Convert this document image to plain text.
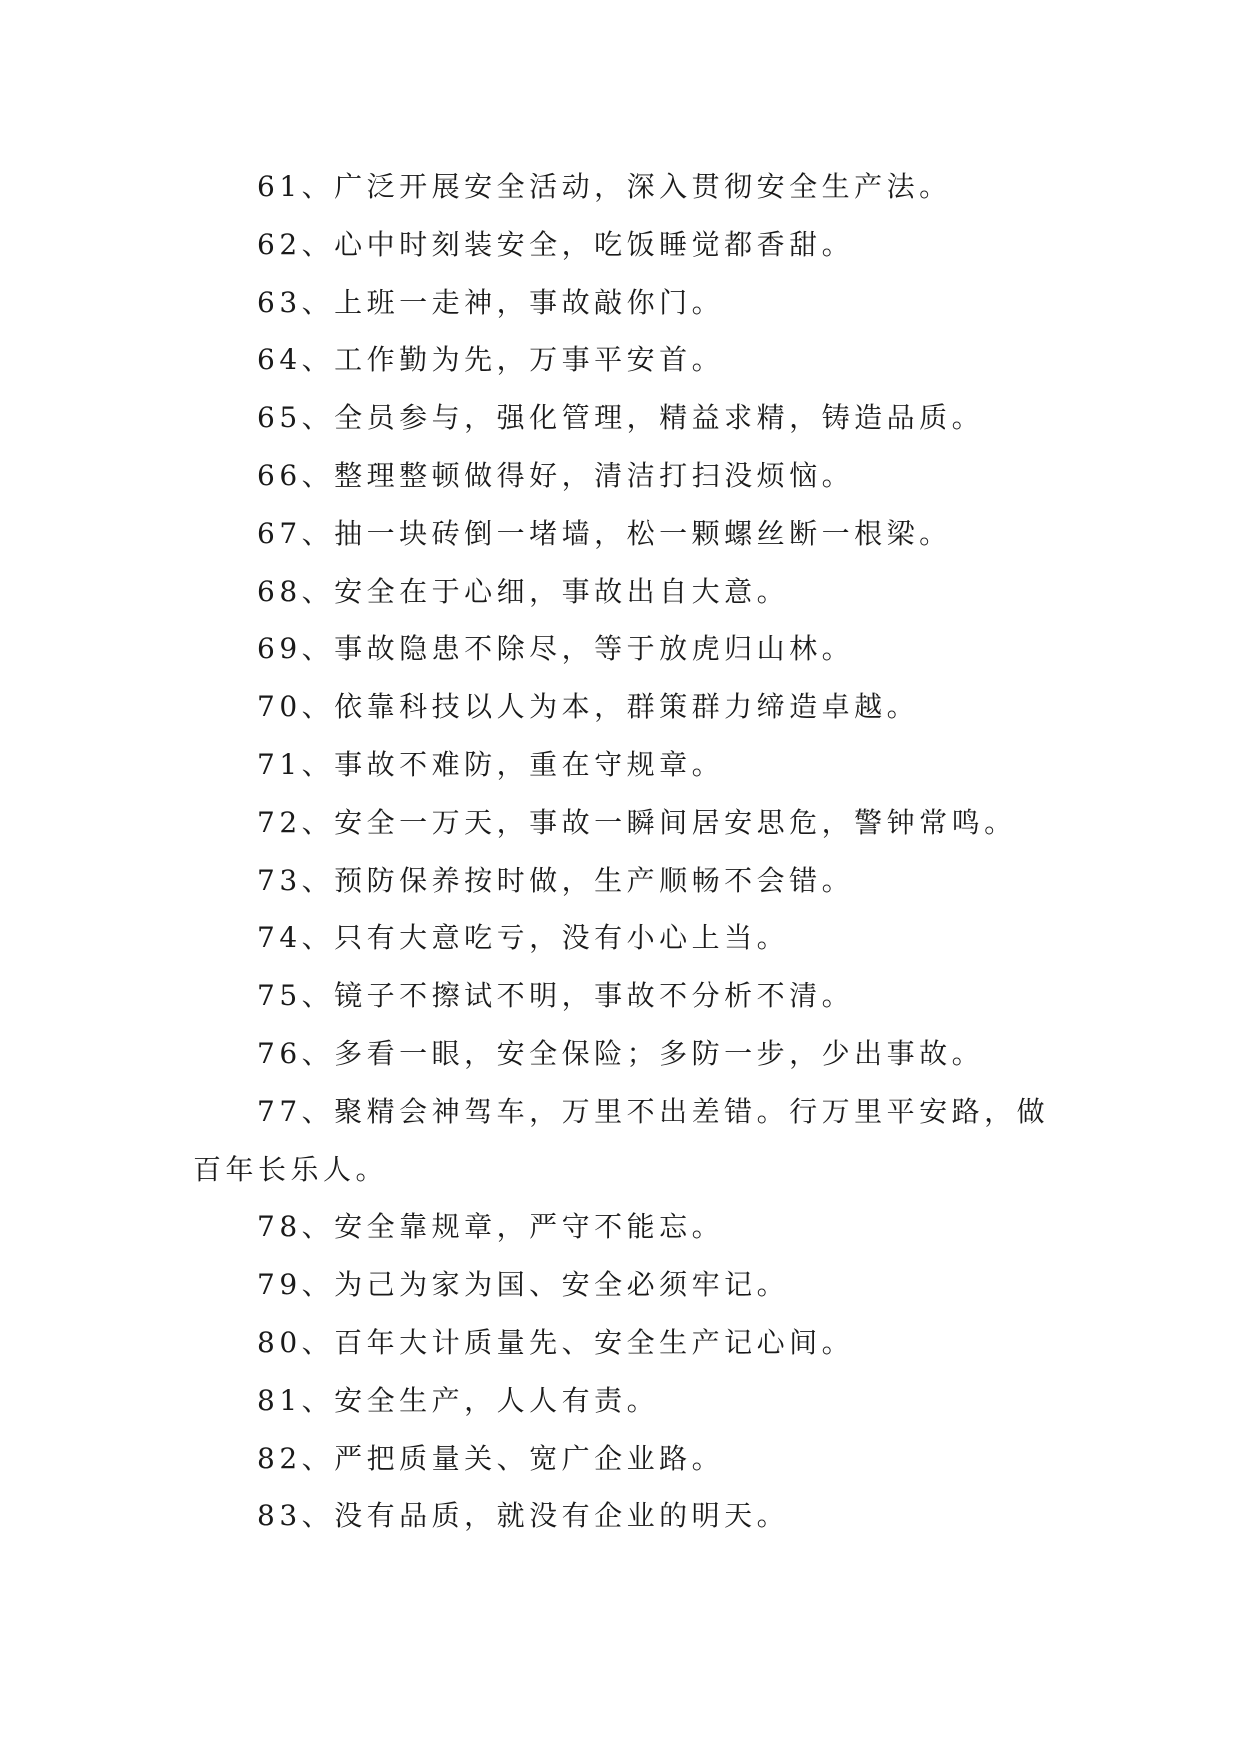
61、广泛开展安全活动，深入贯彻安全生产法。

62、心中时刻装安全，吃饭睡觉都香甜。

63、上班一走神，事故敲你门。

64、工作勤为先，万事平安首。

65、全员参与，强化管理，精益求精，铸造品质。

66、整理整顿做得好，清洁打扫没烦恼。

67、抽一块砖倒一堵墙，松一颗螺丝断一根梁。

68、安全在于心细，事故出自大意。

69、事故隐患不除尽，等于放虎归山林。

70、依靠科技以人为本，群策群力缔造卓越。

71、事故不难防，重在守规章。

72、安全一万天，事故一瞬间居安思危，警钟常鸣。

73、预防保养按时做，生产顺畅不会错。

74、只有大意吃亏，没有小心上当。

75、镜子不擦试不明，事故不分析不清。

76、多看一眼，安全保险；多防一步，少出事故。

77、聚精会神驾车，万里不出差错。行万里平安路，做百年长乐人。

78、安全靠规章，严守不能忘。

79、为己为家为国、安全必须牢记。

80、百年大计质量先、安全生产记心间。

81、安全生产，人人有责。

82、严把质量关、宽广企业路。

83、没有品质，就没有企业的明天。
